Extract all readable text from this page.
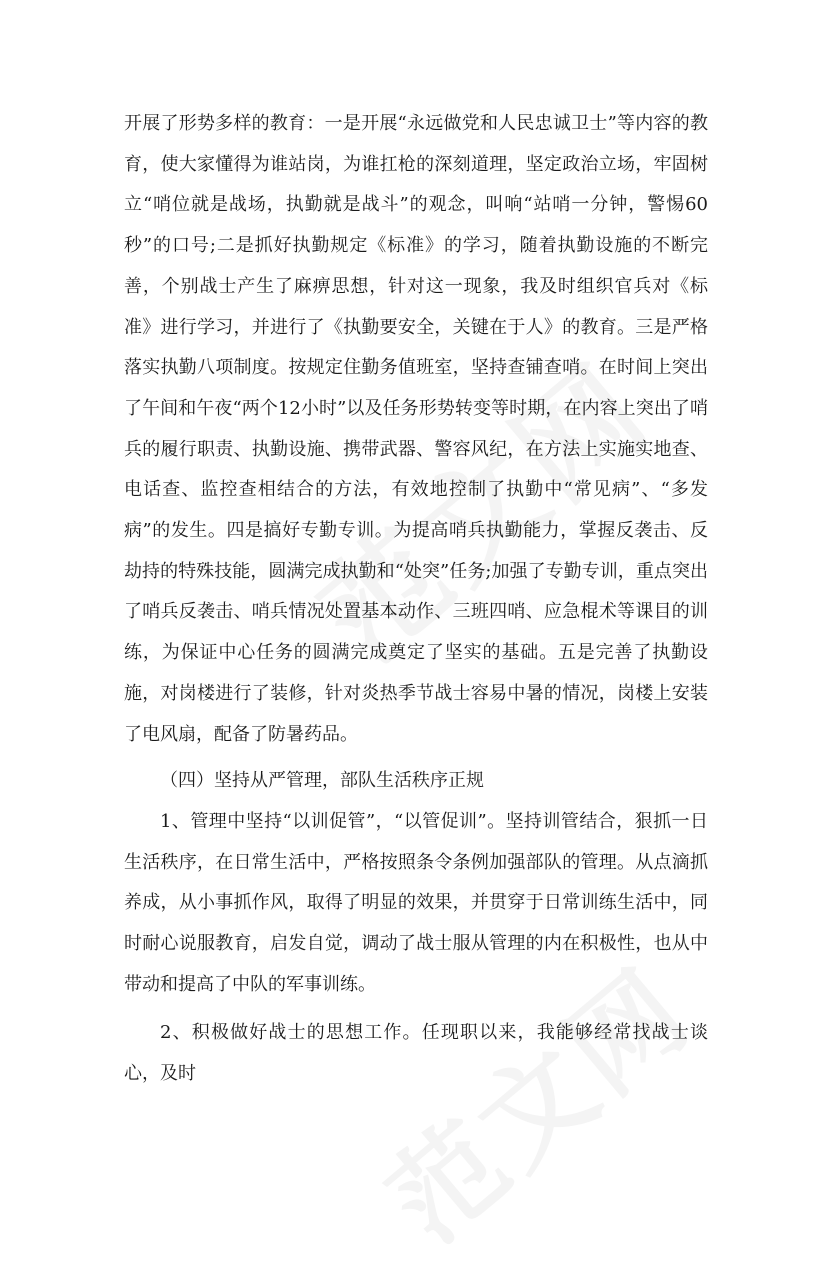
开展了形势多样的教育：一是开展“永远做党和人民忠诚卫士”等内容的教育，使大家懂得为谁站岗，为谁扛枪的深刻道理，坚定政治立场，牢固树立“哨位就是战场，执勤就是战斗”的观念，叫响“站哨一分钟，警惕60秒”的口号;二是抓好执勤规定《标准》的学习，随着执勤设施的不断完善，个别战士产生了麻痹思想，针对这一现象，我及时组织官兵对《标准》进行学习，并进行了《执勤要安全，关键在于人》的教育。三是严格落实执勤八项制度。按规定住勤务值班室，坚持查铺查哨。在时间上突出了午间和午夜“两个12小时”以及任务形势转变等时期，在内容上突出了哨兵的履行职责、执勤设施、携带武器、警容风纪，在方法上实施实地查、电话查、监控查相结合的方法，有效地控制了执勤中“常见病”、“多发病”的发生。四是搞好专勤专训。为提高哨兵执勤能力，掌握反袭击、反劫持的特殊技能，圆满完成执勤和“处突”任务;加强了专勤专训，重点突出了哨兵反袭击、哨兵情况处置基本动作、三班四哨、应急棍术等课目的训练，为保证中心任务的圆满完成奠定了坚实的基础。五是完善了执勤设施，对岗楼进行了装修，针对炎热季节战士容易中暑的情况，岗楼上安装了电风扇，配备了防暑药品。

（四）坚持从严管理，部队生活秩序正规

1、管理中坚持“以训促管”，“以管促训”。坚持训管结合，狠抓一日生活秩序，在日常生活中，严格按照条令条例加强部队的管理。从点滴抓养成，从小事抓作风，取得了明显的效果，并贯穿于日常训练生活中，同时耐心说服教育，启发自觉，调动了战士服从管理的内在积极性，也从中带动和提高了中队的军事训练。

2、积极做好战士的思想工作。任现职以来，我能够经常找战士谈心，及时
